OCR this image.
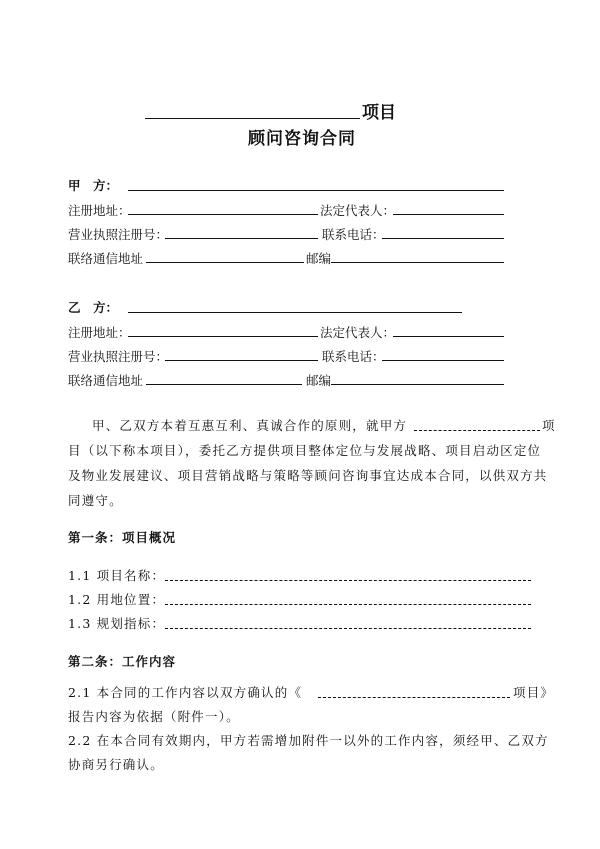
项目
顾问咨询合同
甲　方：
注册地址：	法定代表人：
营业执照注册号：	联系电话：
联络通信地址	邮编
乙　方：
注册地址：	法定代表人：
营业执照注册号：	联系电话：
联络通信地址	邮编
甲、乙双方本着互惠互利、真诚合作的原则，就甲方	项
目（以下称本项目），委托乙方提供项目整体定位与发展战略、项目启动区定位
及物业发展建议、项目营销战略与策略等顾问咨询事宜达成本合同，以供双方共
同遵守。
第一条：项目概况
1.1 项目名称：
1.2 用地位置：
1.3 规划指标：
第二条：工作内容
2.1 本合同的工作内容以双方确认的《	项目》
报告内容为依据（附件一）。
2.2 在本合同有效期内，甲方若需增加附件一以外的工作内容，须经甲、乙双方
协商另行确认。
